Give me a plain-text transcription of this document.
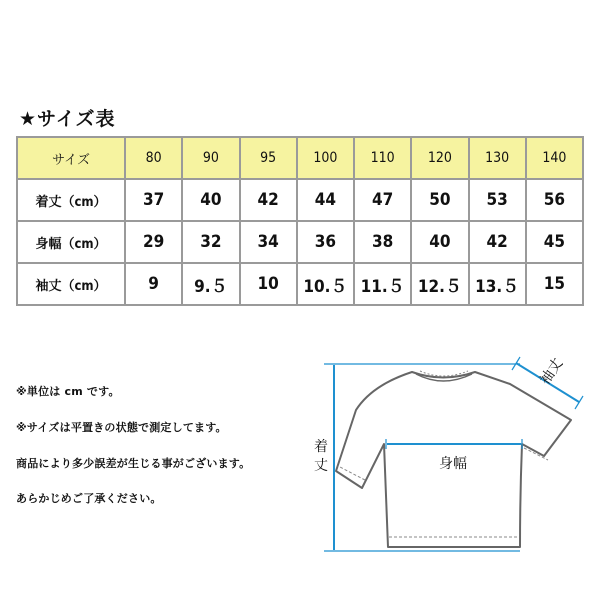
★サイズ表
サイズ	80	90	95	100	110	120	130	140
着丈（cm）	37	40	42	44	47	50	53	56
身幅（cm）	29	32	34	36	38	40	42	45
袖丈（cm）	9	9.５	10	10.５	11.５	12.５	13.５	15
※単位は cm です。
※サイズは平置きの状態で測定してます。
商品により多少誤差が生じる事がございます。
あらかじめご了承ください。
着
丈	身幅
袖丈
